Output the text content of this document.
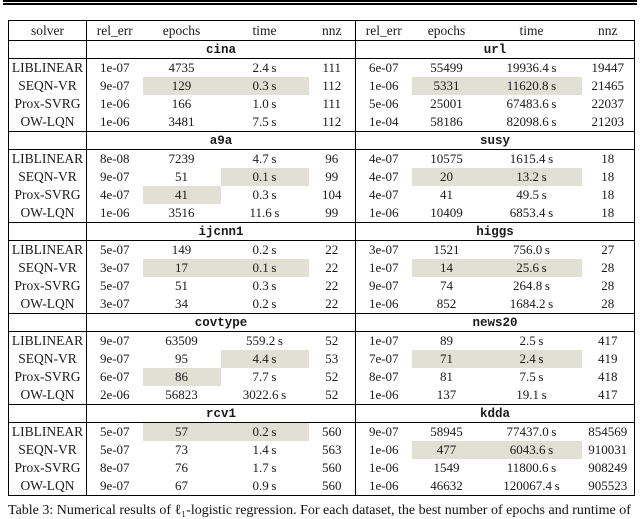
solver	rel_err	epochs	time	nnz	rel_err	epochs	time	nnz
	cina				url			
LIBLINEAR	1e-07	4735	2.4 s	111	6e-07	55499	19936.4 s	19447
SEQN-VR	9e-07	129	0.3 s	112	1e-06	5331	11620.8 s	21465
Prox-SVRG	1e-06	166	1.0 s	111	5e-06	25001	67483.6 s	22037
OW-LQN	1e-06	3481	7.5 s	112	1e-04	58186	82098.6 s	21203
	a9a				susy			
LIBLINEAR	8e-08	7239	4.7 s	96	4e-07	10575	1615.4 s	18
SEQN-VR	9e-07	51	0.1 s	99	4e-07	20	13.2 s	18
Prox-SVRG	4e-07	41	0.3 s	104	4e-07	41	49.5 s	18
OW-LQN	1e-06	3516	11.6 s	99	1e-06	10409	6853.4 s	18
	ijcnn1				higgs			
LIBLINEAR	5e-07	149	0.2 s	22	3e-07	1521	756.0 s	27
SEQN-VR	3e-07	17	0.1 s	22	1e-07	14	25.6 s	28
Prox-SVRG	5e-07	51	0.3 s	22	9e-07	74	264.8 s	28
OW-LQN	3e-07	34	0.2 s	22	1e-06	852	1684.2 s	28
	covtype				news20			
LIBLINEAR	9e-07	63509	559.2 s	52	1e-07	89	2.5 s	417
SEQN-VR	9e-07	95	4.4 s	53	7e-07	71	2.4 s	419
Prox-SVRG	6e-07	86	7.7 s	52	8e-07	81	7.5 s	418
OW-LQN	2e-06	56823	3022.6 s	52	1e-06	137	19.1 s	417
	rcv1				kdda			
LIBLINEAR	5e-07	57	0.2 s	560	9e-07	58945	77437.0 s	854569
SEQN-VR	5e-07	73	1.4 s	563	1e-06	477	6043.6 s	910031
Prox-SVRG	8e-07	76	1.7 s	560	1e-06	1549	11800.6 s	908249
OW-LQN	9e-07	67	0.9 s	560	1e-06	46632	120067.4 s	905523
Table 3: Numerical results of ℓ₁-logistic regression. For each dataset, the best number of epochs and runtime of
